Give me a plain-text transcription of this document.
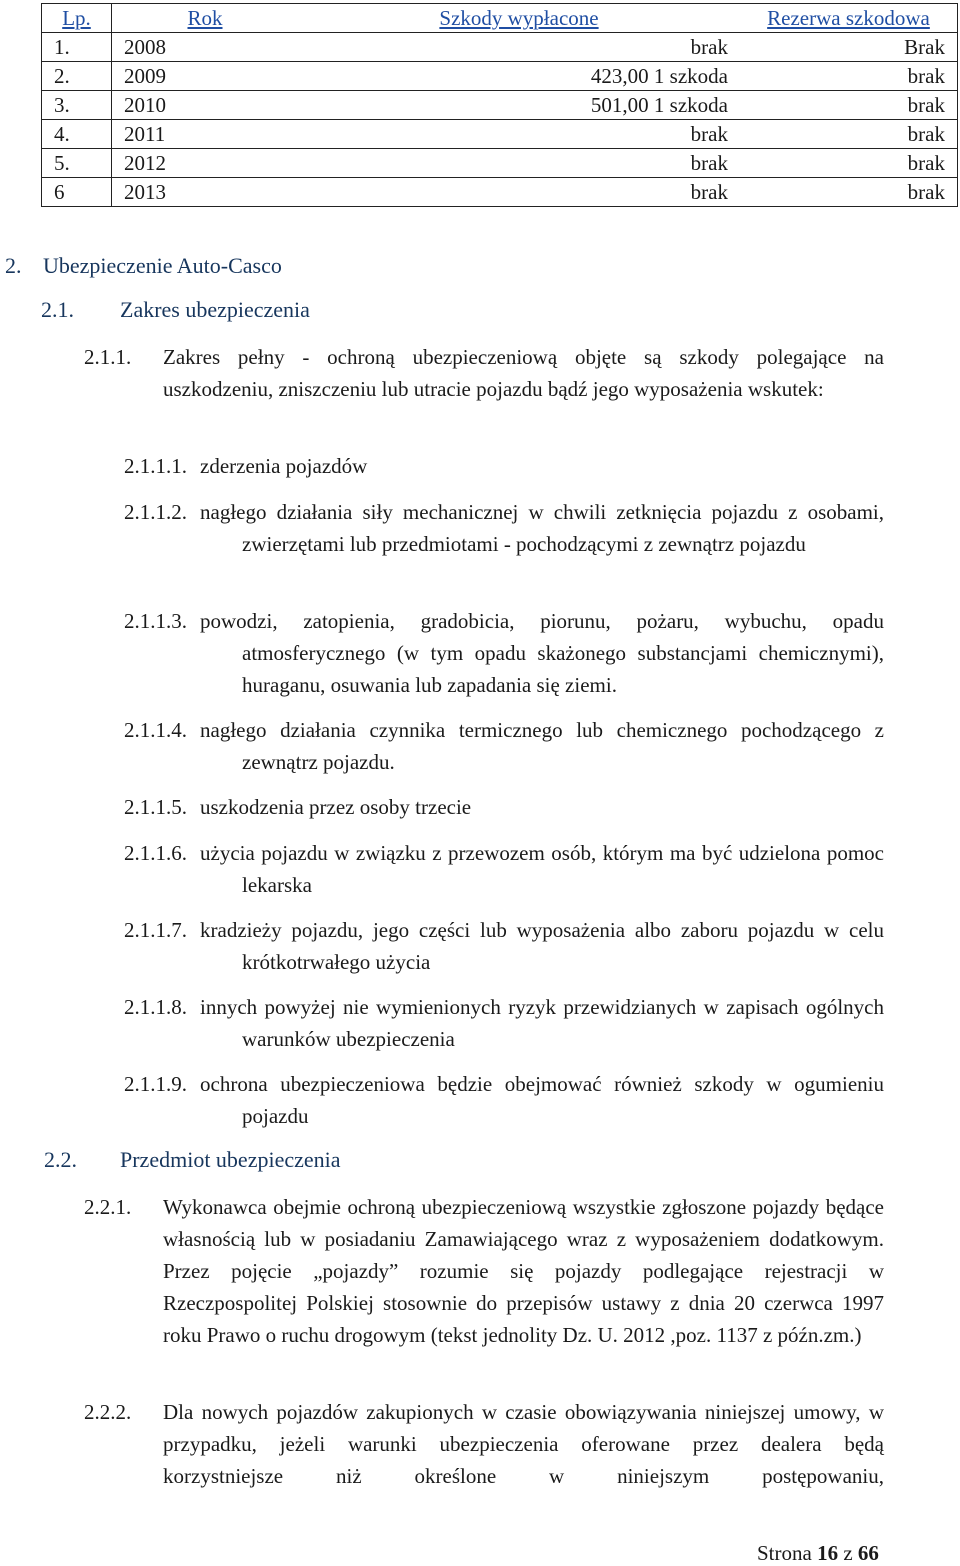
Lp.	Rok	Szkody wypłacone	Rezerwa szkodowa
1.	2008	brak	Brak
2.	2009	423,00 1 szkoda	brak
3.	2010	501,00 1 szkoda	brak
4.	2011	brak	brak
5.	2012	brak	brak
6	2013	brak	brak
2. Ubezpieczenie Auto-Casco
2.1. Zakres ubezpieczenia
2.1.1.	Zakres pełny - ochroną ubezpieczeniową objęte są szkody polegające na uszkodzeniu, zniszczeniu lub utracie pojazdu bądź jego wyposażenia wskutek:
2.1.1.1. zderzenia pojazdów
2.1.1.2. nagłego działania siły mechanicznej w chwili zetknięcia pojazdu z osobami, zwierzętami lub przedmiotami - pochodzącymi z zewnątrz pojazdu
2.1.1.3. powodzi, zatopienia, gradobicia, piorunu, pożaru, wybuchu, opadu atmosferycznego (w tym opadu skażonego substancjami chemicznymi), huraganu, osuwania lub zapadania się ziemi.
2.1.1.4. nagłego działania czynnika termicznego lub chemicznego pochodzącego z zewnątrz pojazdu.
2.1.1.5. uszkodzenia przez osoby trzecie
2.1.1.6. użycia pojazdu w związku z przewozem osób, którym ma być udzielona pomoc lekarska
2.1.1.7. kradzieży pojazdu, jego części lub wyposażenia albo zaboru pojazdu w celu krótkotrwałego użycia
2.1.1.8. innych powyżej nie wymienionych ryzyk przewidzianych w zapisach ogólnych warunków ubezpieczenia
2.1.1.9. ochrona ubezpieczeniowa będzie obejmować również szkody w ogumieniu pojazdu
2.2. Przedmiot ubezpieczenia
2.2.1.	Wykonawca obejmie ochroną ubezpieczeniową wszystkie zgłoszone pojazdy będące własnością lub w posiadaniu Zamawiającego wraz z wyposażeniem dodatkowym. Przez pojęcie „pojazdy” rozumie się pojazdy podlegające rejestracji w Rzeczpospolitej Polskiej stosownie do przepisów ustawy z dnia 20 czerwca 1997 roku Prawo o ruchu drogowym (tekst jednolity Dz. U. 2012 ,poz. 1137 z późn.zm.)
2.2.2.	Dla nowych pojazdów zakupionych w czasie obowiązywania niniejszej umowy, w przypadku, jeżeli warunki ubezpieczenia oferowane przez dealera będą korzystniejsze niż określone w niniejszym postępowaniu,
Strona 16 z 66
